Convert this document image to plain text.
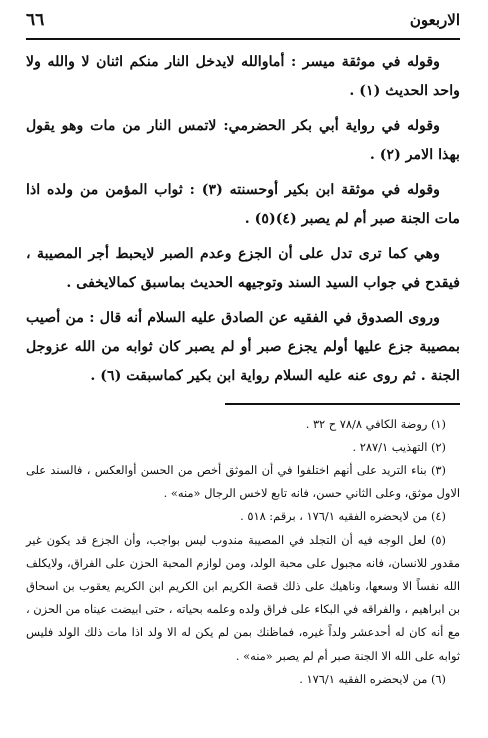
الاربعون
٦٦

وقوله في موثقة ميسر : أماوالله لايدخل النار منكم اثنان لا والله ولا واحد الحديث (١) .

وقوله في رواية أبي بكر الحضرمي: لاتمس النار من مات وهو يقول بهذا الامر (٢) .

وقوله في موثقة ابن بكير أوحسنته (٣) : ثواب المؤمن من ولده اذا مات الجنة صبر أم لم يصبر (٤)(٥) .

وهي كما ترى تدل على أن الجزع وعدم الصبر لايحبط أجر المصيبة ، فيقدح في جواب السيد السند وتوجيهه الحديث بماسبق كمالايخفى .

وروى الصدوق في الفقيه عن الصادق عليه السلام أنه قال : من أصيب بمصيبة جزع عليها أولم يجزع صبر أو لم يصبر كان ثوابه من الله عزوجل الجنة . ثم روى عنه عليه السلام رواية ابن بكير كماسبقت (٦) .

(١) روضة الكافي ٧٨/٨ ح ٣٢ .

(٢) التهذيب ٢٨٧/١ .

(٣) بناء التريد على أنهم اختلفوا في أن الموثق أخص من الحسن أوالعكس ، فالسند على الاول موثق، وعلى الثاني حسن، فانه تابع لاخس الرجال «منه» .

(٤) من لايحضره الفقيه ١٧٦/١ ، برقم: ٥١٨ .

(٥) لعل الوجه فيه أن التجلد في المصيبة مندوب ليس بواجب، وأن الجزع قد يكون غير مقدور للانسان، فانه مجبول على محبة الولد، ومن لوازم المحبة الحزن على الفراق، ولايكلف الله نفساً الا وسعها، وناهيك على ذلك قصة الكريم ابن الكريم ابن الكريم يعقوب بن اسحاق بن ابراهيم ، والفراقه في البكاء على فراق ولده وعلمه بحياته ، حتى ابيضت عيناه من الحزن ، مع أنه كان له أحدعشر ولداً غيره، فماظنك بمن لم يكن له الا ولد اذا مات ذلك الولد فليس ثوابه على الله الا الجنة صبر أم لم يصبر «منه» .

(٦) من لايحضره الفقيه ١٧٦/١ .
